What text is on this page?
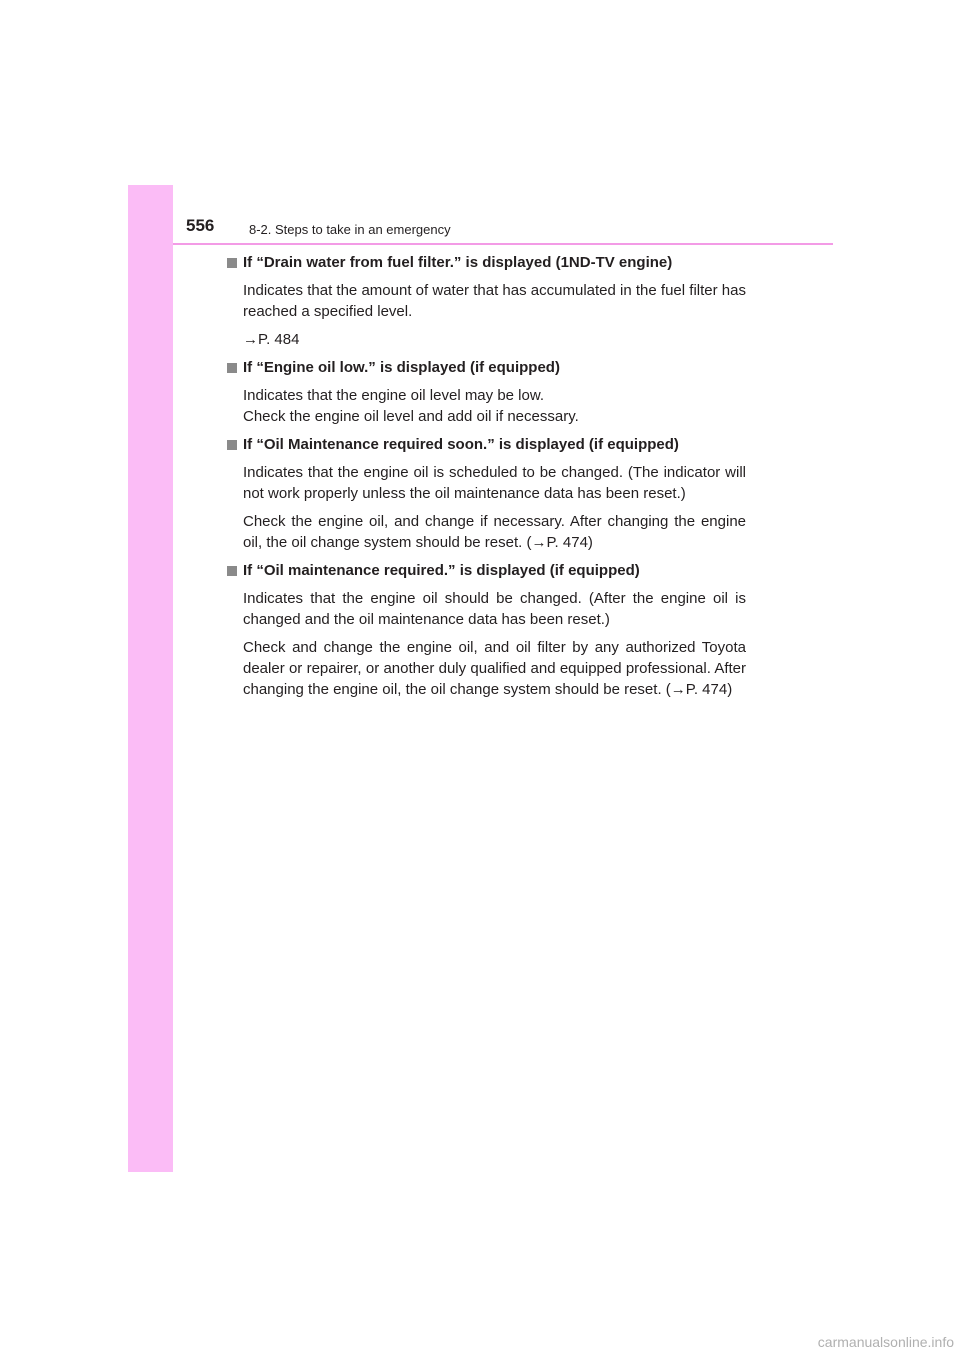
556	8-2. Steps to take in an emergency

If “Drain water from fuel filter.” is displayed (1ND-TV engine)

Indicates that the amount of water that has accumulated in the fuel filter has reached a specified level.

→P. 484

If “Engine oil low.” is displayed (if equipped)

Indicates that the engine oil level may be low.
Check the engine oil level and add oil if necessary.

If “Oil Maintenance required soon.” is displayed (if equipped)

Indicates that the engine oil is scheduled to be changed. (The indicator will not work properly unless the oil maintenance data has been reset.)

Check the engine oil, and change if necessary. After changing the engine oil, the oil change system should be reset. (→P. 474)

If “Oil maintenance required.” is displayed (if equipped)

Indicates that the engine oil should be changed. (After the engine oil is changed and the oil maintenance data has been reset.)

Check and change the engine oil, and oil filter by any authorized Toyota dealer or repairer, or another duly qualified and equipped professional. After changing the engine oil, the oil change system should be reset. (→P. 474)

carmanualsonline.info
